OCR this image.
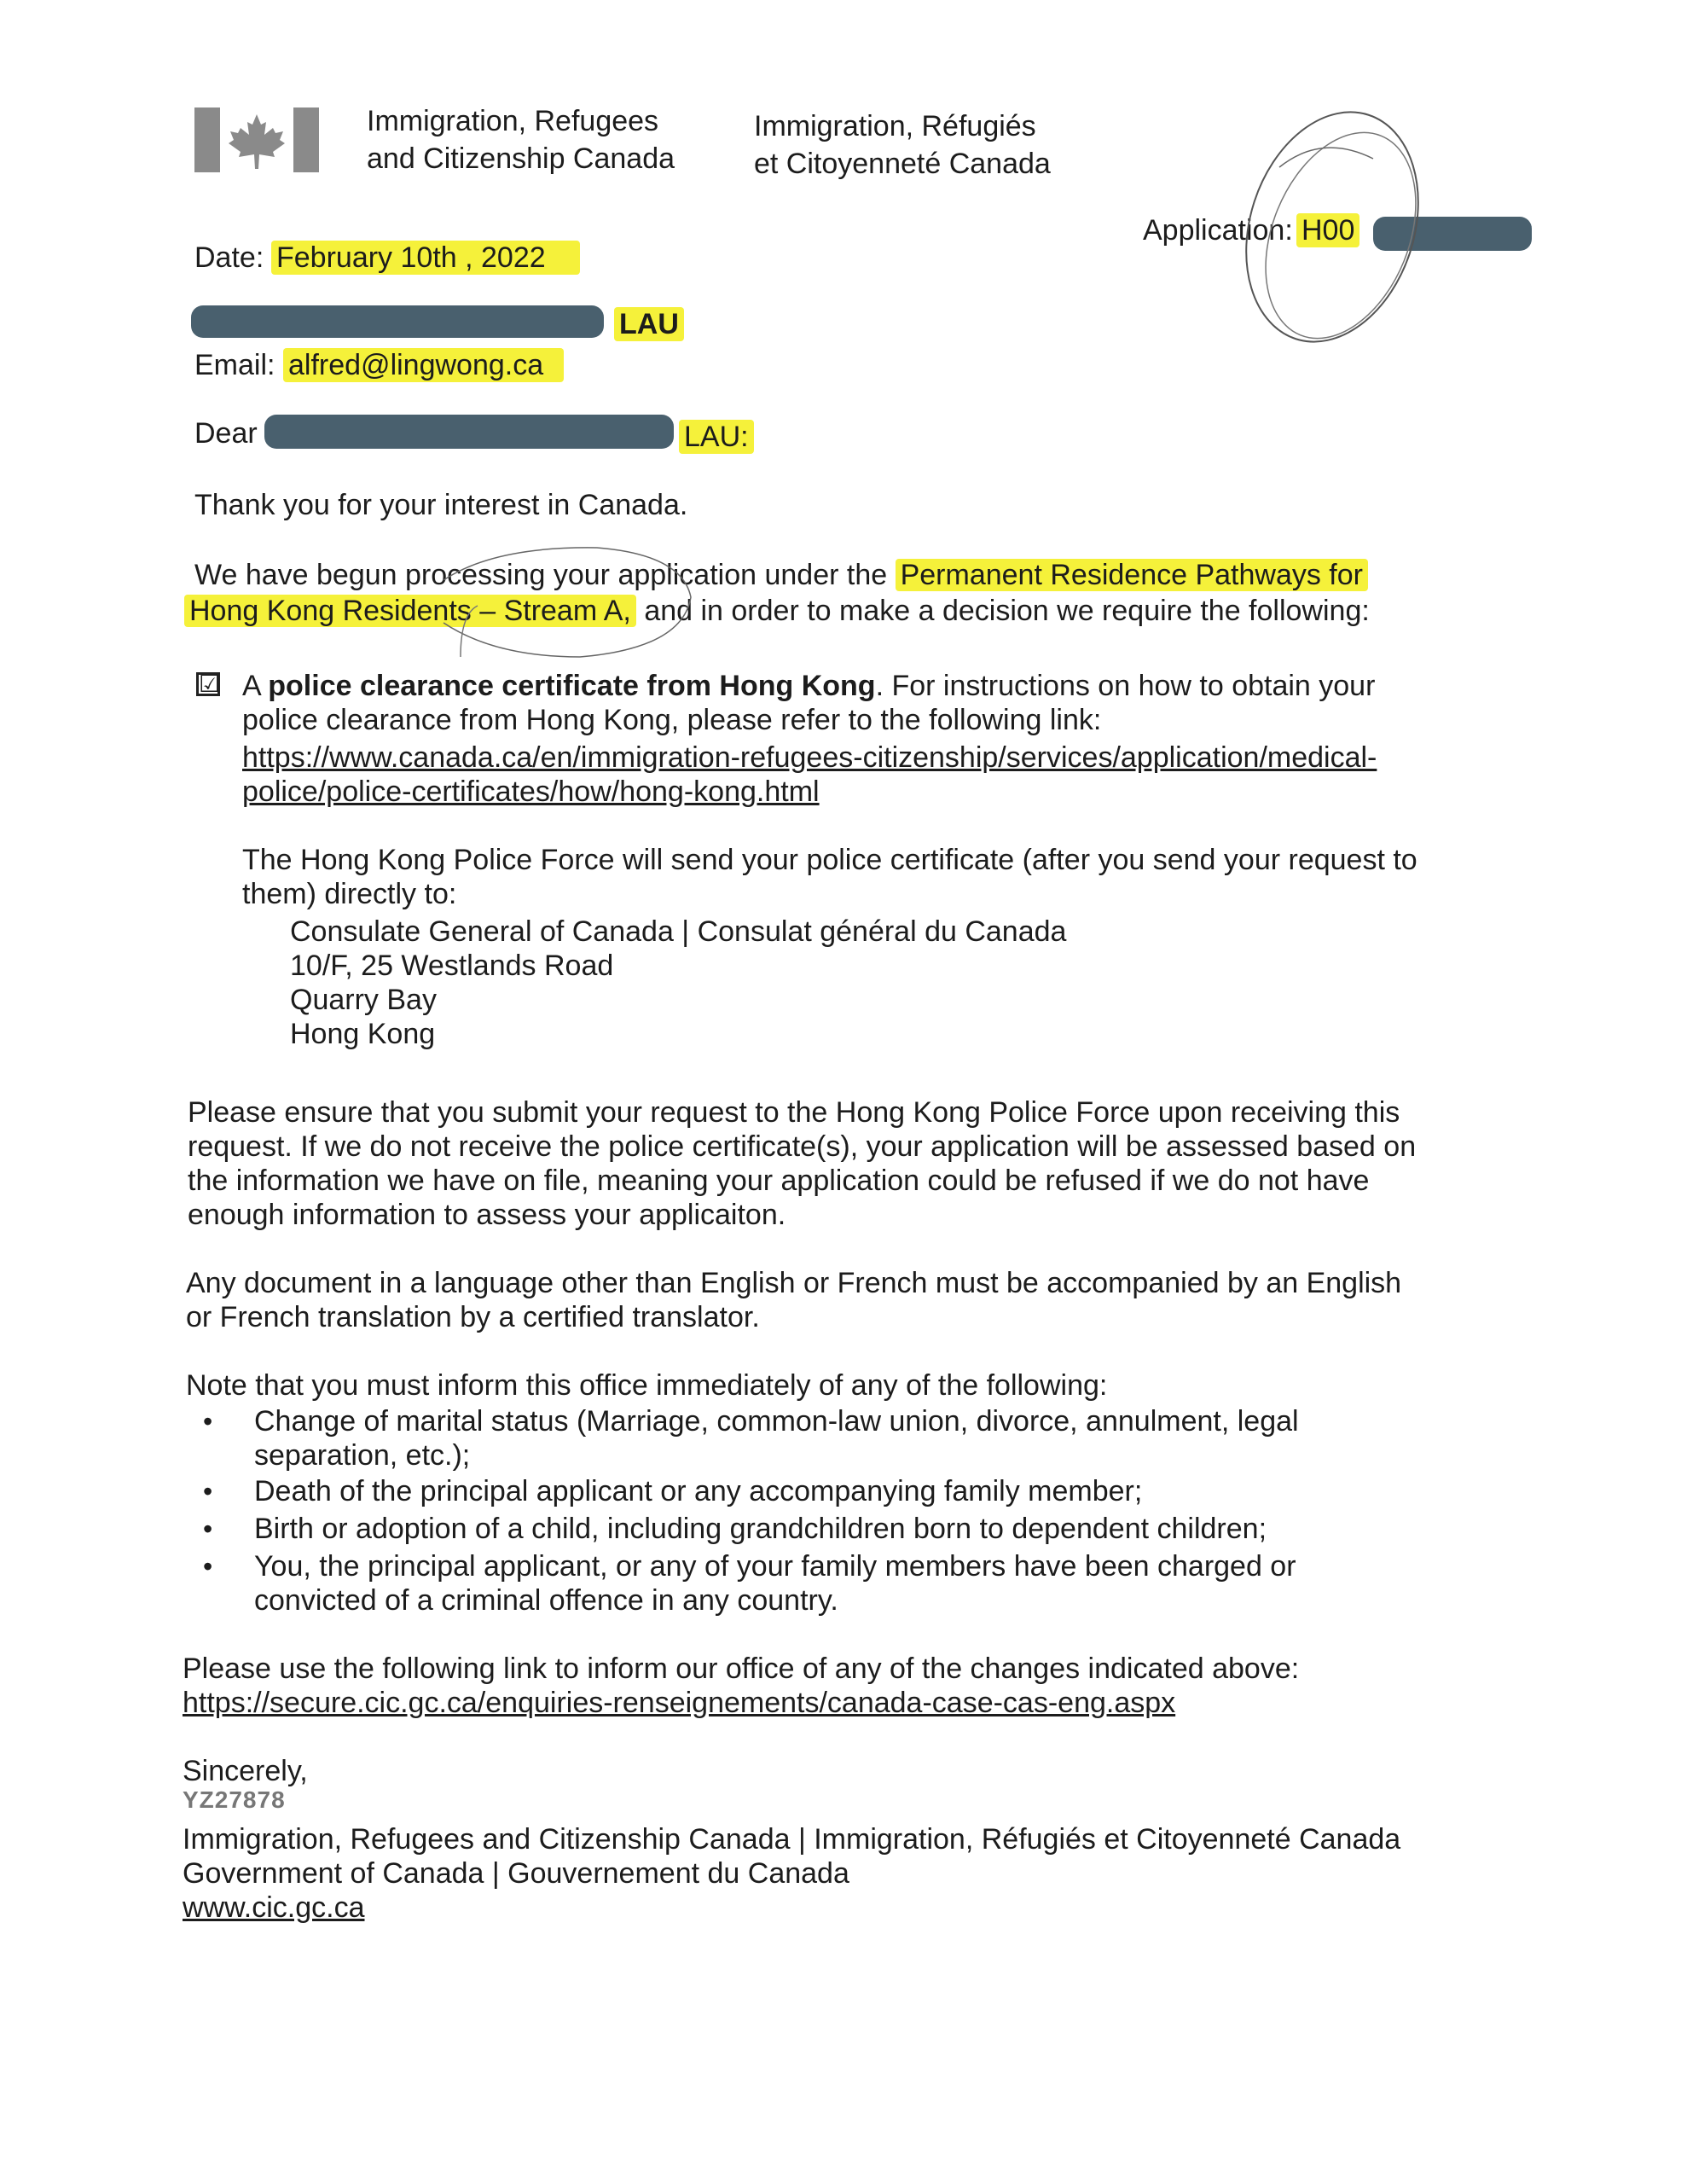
Immigration, Refugees
and Citizenship Canada
Immigration, Réfugiés
et Citoyenneté Canada
Application: H00
Date: February 10th , 2022
LAU
Email: alfred@lingwong.ca
Dear	LAU:
Thank you for your interest in Canada.
We have begun processing your application under the Permanent Residence Pathways for
Hong Kong Residents – Stream A, and in order to make a decision we require the following:
☑ A police clearance certificate from Hong Kong. For instructions on how to obtain your
police clearance from Hong Kong, please refer to the following link:
https://www.canada.ca/en/immigration-refugees-citizenship/services/application/medical-
police/police-certificates/how/hong-kong.html
The Hong Kong Police Force will send your police certificate (after you send your request to
them) directly to:
Consulate General of Canada | Consulat général du Canada
10/F, 25 Westlands Road
Quarry Bay
Hong Kong
Please ensure that you submit your request to the Hong Kong Police Force upon receiving this
request. If we do not receive the police certificate(s), your application will be assessed based on
the information we have on file, meaning your application could be refused if we do not have
enough information to assess your applicaiton.
Any document in a language other than English or French must be accompanied by an English
or French translation by a certified translator.
Note that you must inform this office immediately of any of the following:
• Change of marital status (Marriage, common-law union, divorce, annulment, legal
separation, etc.);
• Death of the principal applicant or any accompanying family member;
• Birth or adoption of a child, including grandchildren born to dependent children;
• You, the principal applicant, or any of your family members have been charged or
convicted of a criminal offence in any country.
Please use the following link to inform our office of any of the changes indicated above:
https://secure.cic.gc.ca/enquiries-renseignements/canada-case-cas-eng.aspx
Sincerely,
YZ27878
Immigration, Refugees and Citizenship Canada | Immigration, Réfugiés et Citoyenneté Canada
Government of Canada | Gouvernement du Canada
www.cic.gc.ca
